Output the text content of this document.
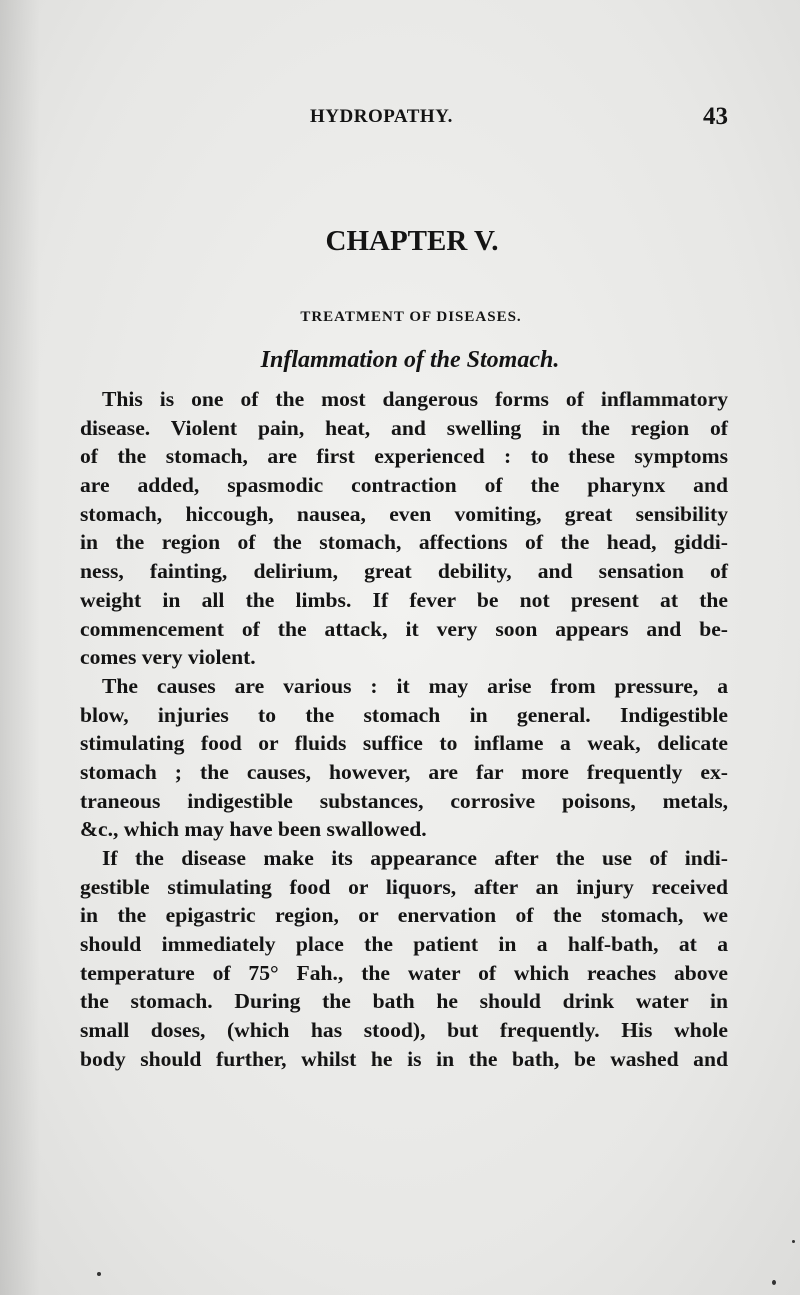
HYDROPATHY.	43
CHAPTER V.
TREATMENT OF DISEASES.
Inflammation of the Stomach.
This is one of the most dangerous forms of inflammatory
disease. Violent pain, heat, and swelling in the region of
of the stomach, are first experienced : to these symptoms
are added, spasmodic contraction of the pharynx and
stomach, hiccough, nausea, even vomiting, great sensibility
in the region of the stomach, affections of the head, giddi-
ness, fainting, delirium, great debility, and sensation of
weight in all the limbs. If fever be not present at the
commencement of the attack, it very soon appears and be-
comes very violent.
The causes are various : it may arise from pressure, a
blow, injuries to the stomach in general. Indigestible
stimulating food or fluids suffice to inflame a weak, delicate
stomach ; the causes, however, are far more frequently ex-
traneous indigestible substances, corrosive poisons, metals,
&c., which may have been swallowed.
If the disease make its appearance after the use of indi-
gestible stimulating food or liquors, after an injury received
in the epigastric region, or enervation of the stomach, we
should immediately place the patient in a half-bath, at a
temperature of 75° Fah., the water of which reaches above
the stomach. During the bath he should drink water in
small doses, (which has stood), but frequently. His whole
body should further, whilst he is in the bath, be washed and
